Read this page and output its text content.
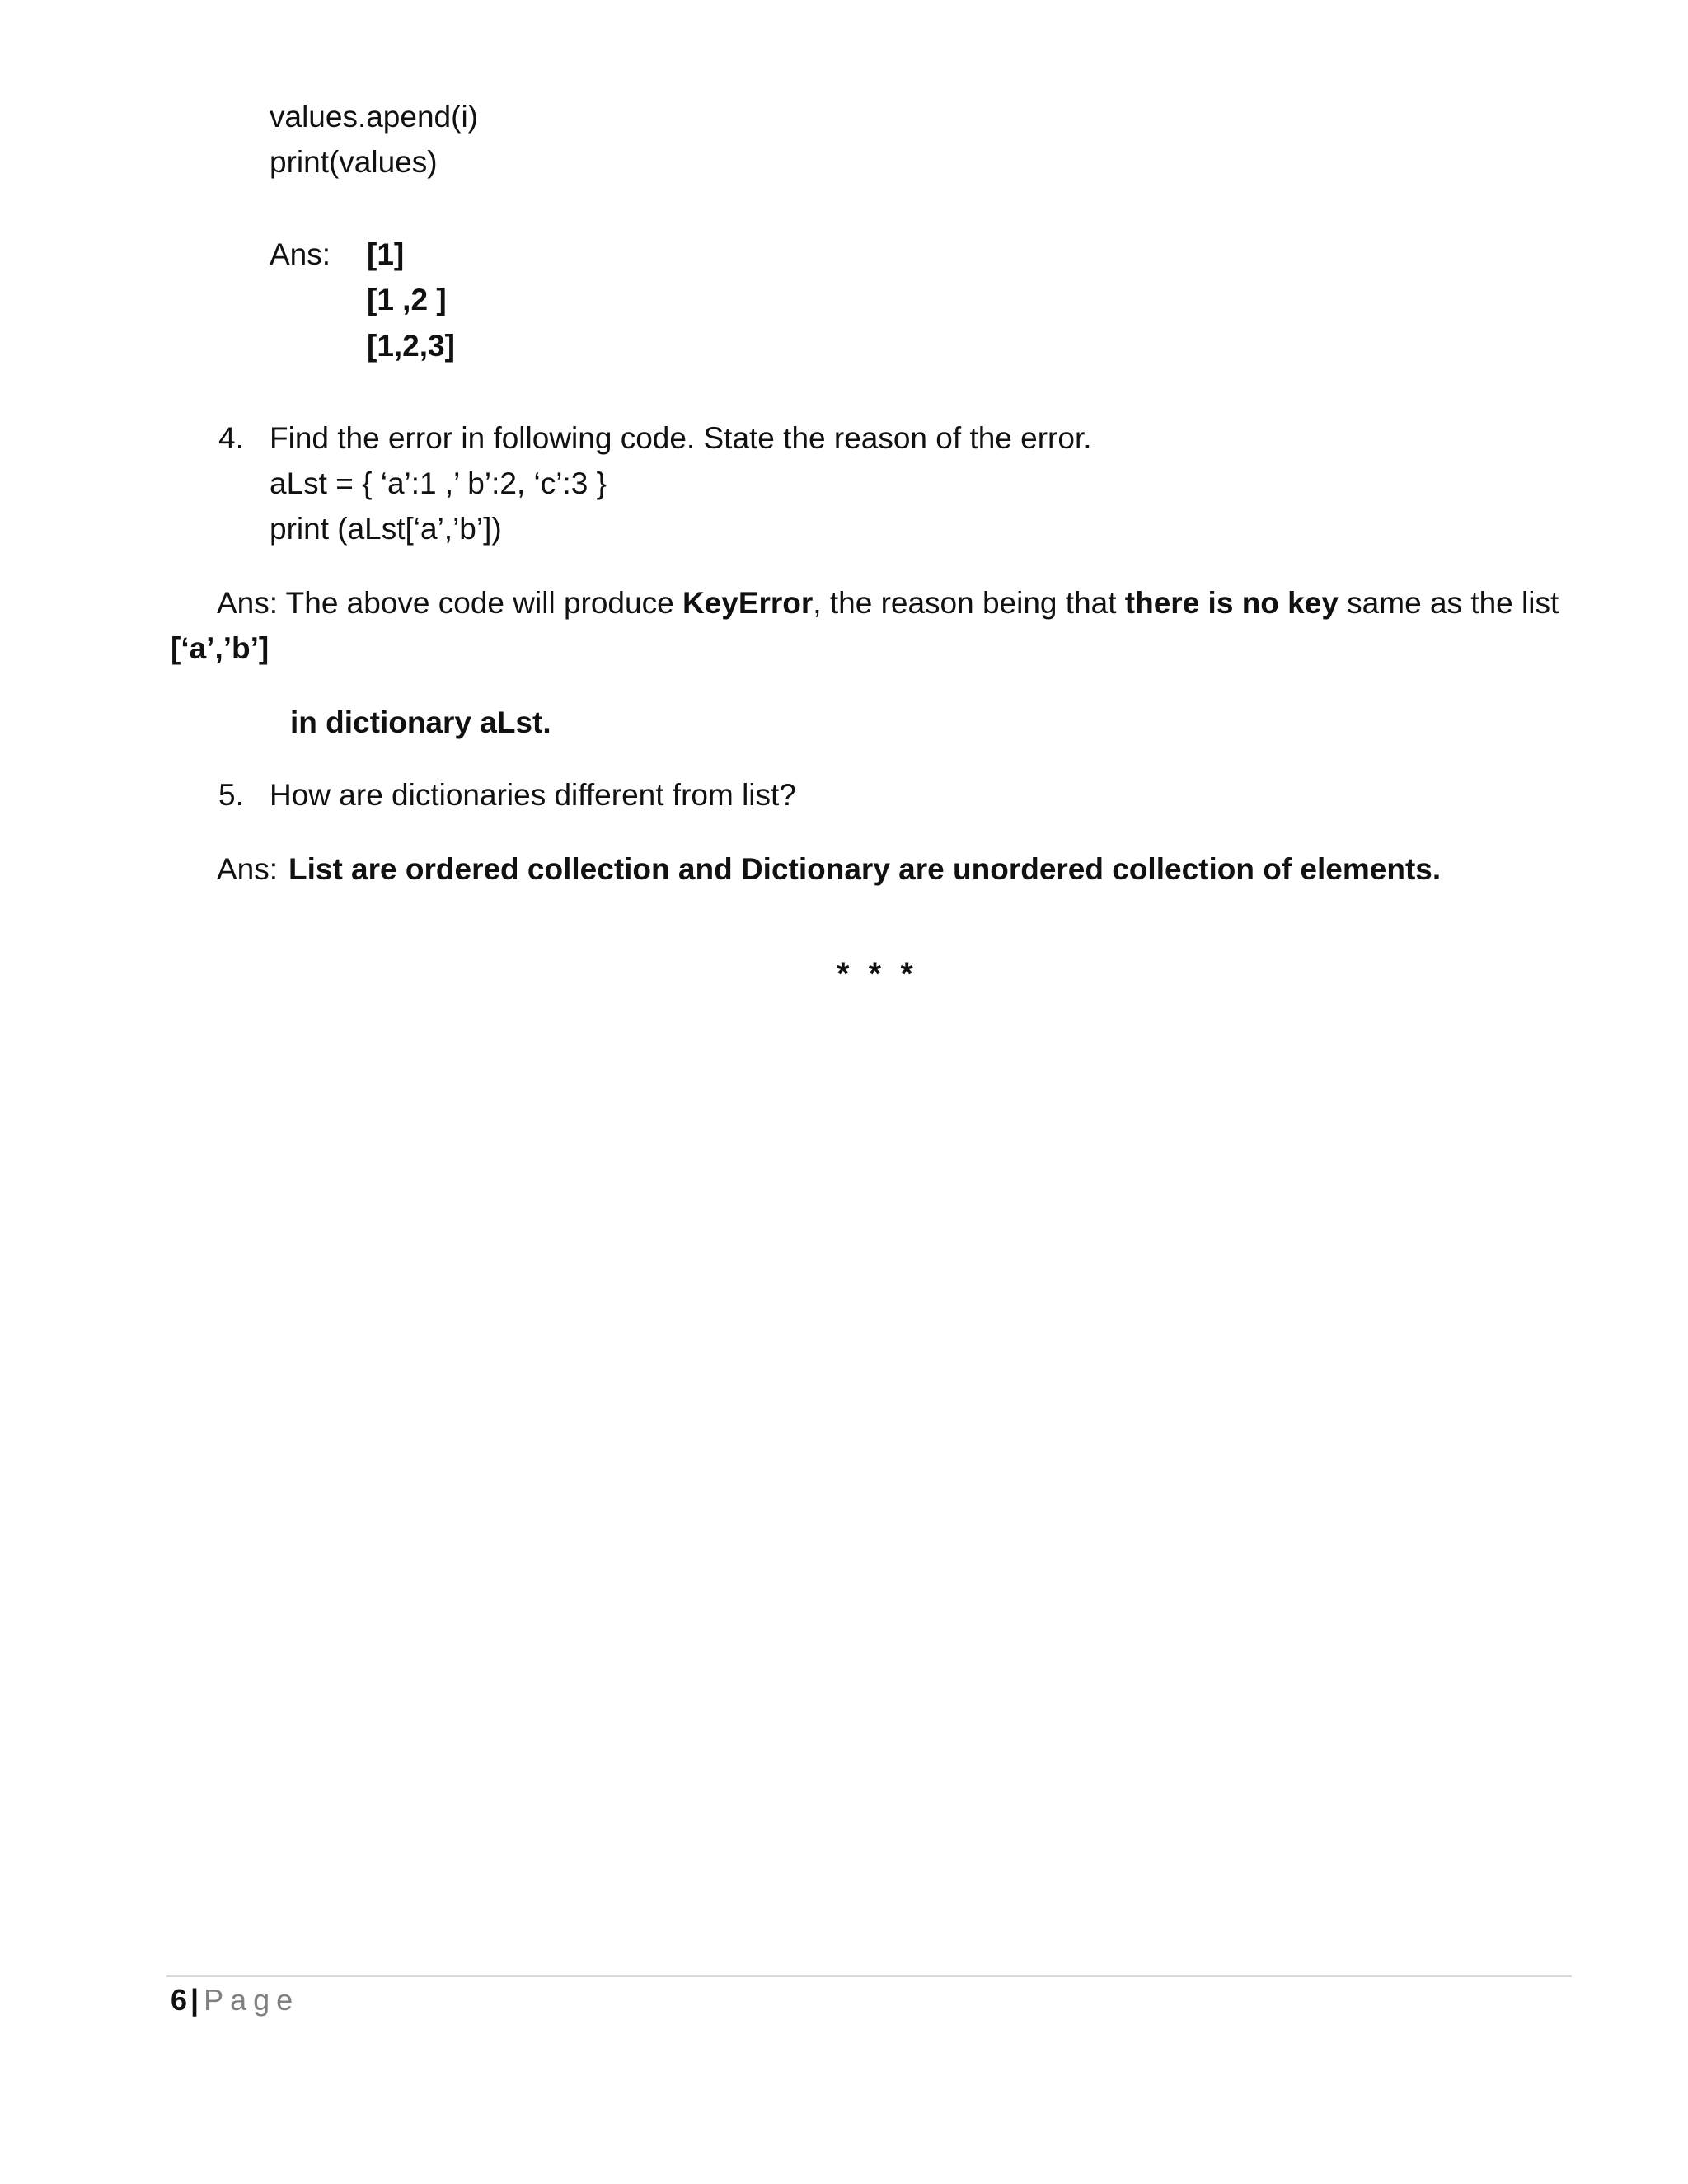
values.apend(i)
print(values)
Ans: [1]
[1 ,2 ]
[1,2,3]
4. Find the error in following code. State the reason of the error.
aLst = { ‘a’:1 ,’ b’:2, ‘c’:3 }
print (aLst[‘a’,’b’])
Ans: The above code will produce KeyError, the reason being that there is no key same as the list
[‘a’,’b’]
in dictionary aLst.
5. How are dictionaries different from list?
Ans: List are ordered collection and Dictionary are unordered collection of elements.
* * *
6 | Page
